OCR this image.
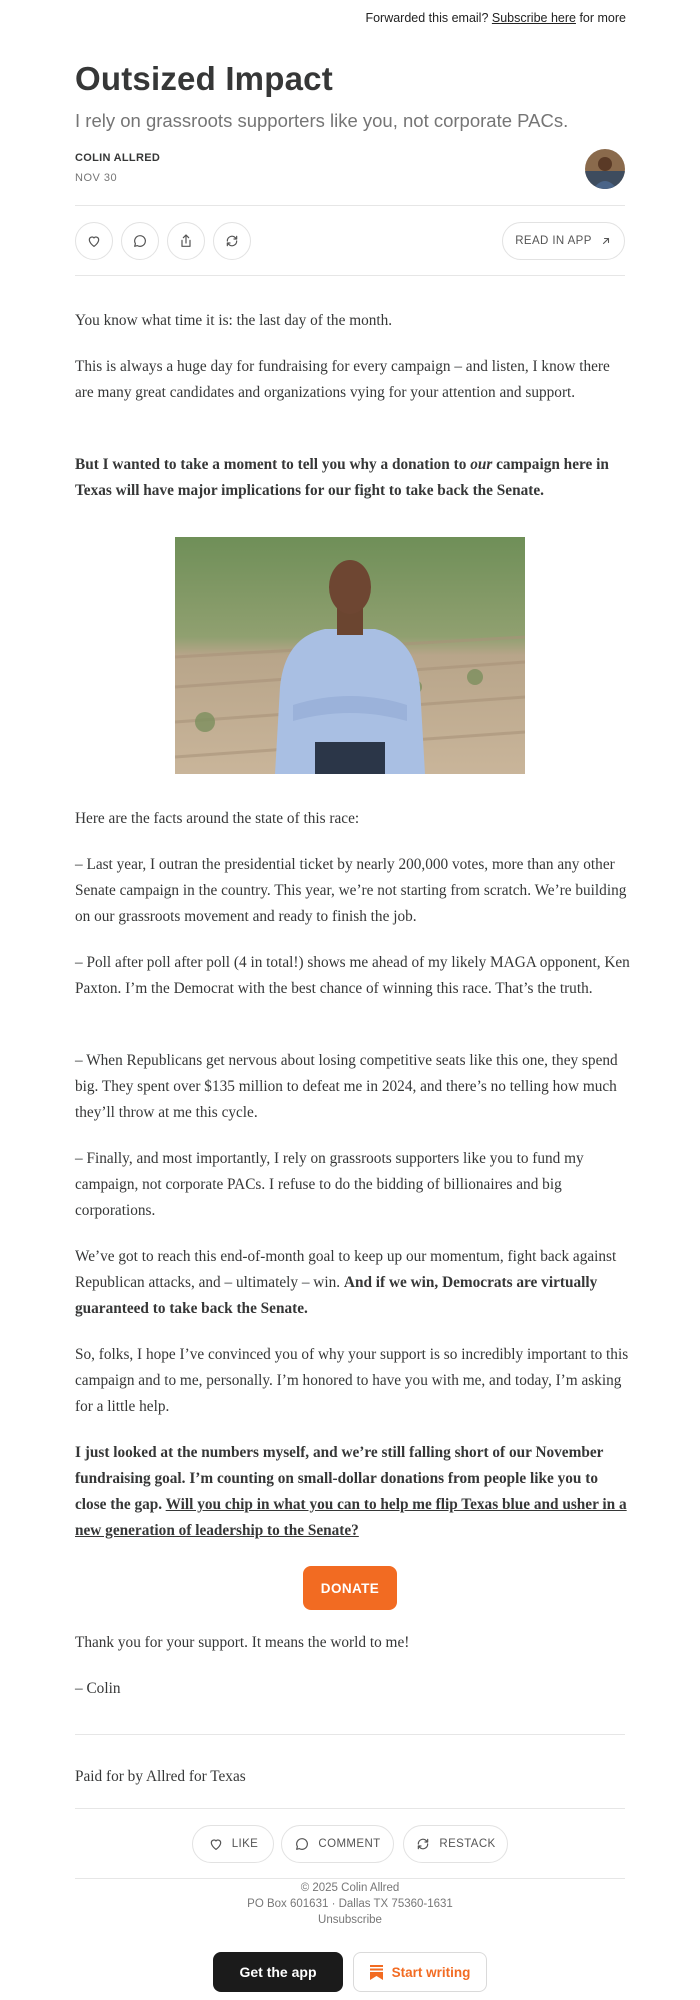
Forwarded this email? Subscribe here for more
Outsized Impact
I rely on grassroots supporters like you, not corporate PACs.
COLIN ALLRED
NOV 30
READ IN APP

You know what time it is: the last day of the month.

This is always a huge day for fundraising for every campaign – and listen, I know there are many great candidates and organizations vying for your attention and support.

But I wanted to take a moment to tell you why a donation to our campaign here in Texas will have major implications for our fight to take back the Senate.

Here are the facts around the state of this race:

– Last year, I outran the presidential ticket by nearly 200,000 votes, more than any other Senate campaign in the country. This year, we’re not starting from scratch. We’re building on our grassroots movement and ready to finish the job.

– Poll after poll after poll (4 in total!) shows me ahead of my likely MAGA opponent, Ken Paxton. I’m the Democrat with the best chance of winning this race. That’s the truth.

– When Republicans get nervous about losing competitive seats like this one, they spend big. They spent over $135 million to defeat me in 2024, and there’s no telling how much they’ll throw at me this cycle.

– Finally, and most importantly, I rely on grassroots supporters like you to fund my campaign, not corporate PACs. I refuse to do the bidding of billionaires and big corporations.

We’ve got to reach this end-of-month goal to keep up our momentum, fight back against Republican attacks, and – ultimately – win. And if we win, Democrats are virtually guaranteed to take back the Senate.

So, folks, I hope I’ve convinced you of why your support is so incredibly important to this campaign and to me, personally. I’m honored to have you with me, and today, I’m asking for a little help.

I just looked at the numbers myself, and we’re still falling short of our November fundraising goal. I’m counting on small-dollar donations from people like you to close the gap. Will you chip in what you can to help me flip Texas blue and usher in a new generation of leadership to the Senate?

DONATE

Thank you for your support. It means the world to me!

– Colin

Paid for by Allred for Texas
LIKE	COMMENT	RESTACK
© 2025 Colin Allred
PO Box 601631 · Dallas TX 75360-1631
Unsubscribe
Get the app	Start writing
